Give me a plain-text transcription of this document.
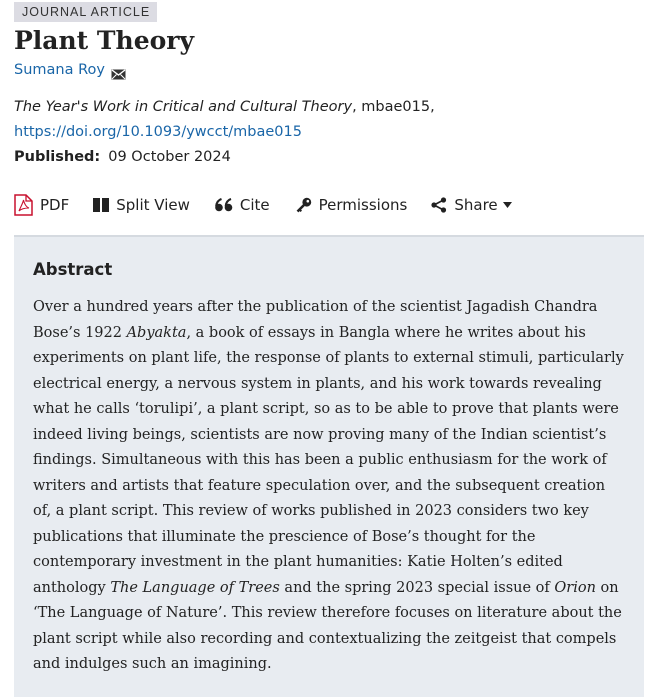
JOURNAL ARTICLE
Plant Theory
Sumana Roy
The Year's Work in Critical and Cultural Theory, mbae015,
https://doi.org/10.1093/ywcct/mbae015
Published: 09 October 2024
PDF	Split View	Cite	Permissions	Share
Abstract

Over a hundred years after the publication of the scientist Jagadish Chandra Bose’s 1922 Abyakta, a book of essays in Bangla where he writes about his experiments on plant life, the response of plants to external stimuli, particularly electrical energy, a nervous system in plants, and his work towards revealing what he calls ‘torulipi’, a plant script, so as to be able to prove that plants were indeed living beings, scientists are now proving many of the Indian scientist’s findings. Simultaneous with this has been a public enthusiasm for the work of writers and artists that feature speculation over, and the subsequent creation of, a plant script. This review of works published in 2023 considers two key publications that illuminate the prescience of Bose’s thought for the contemporary investment in the plant humanities: Katie Holten’s edited anthology The Language of Trees and the spring 2023 special issue of Orion on ‘The Language of Nature’. This review therefore focuses on literature about the plant script while also recording and contextualizing the zeitgeist that compels and indulges such an imagining.
